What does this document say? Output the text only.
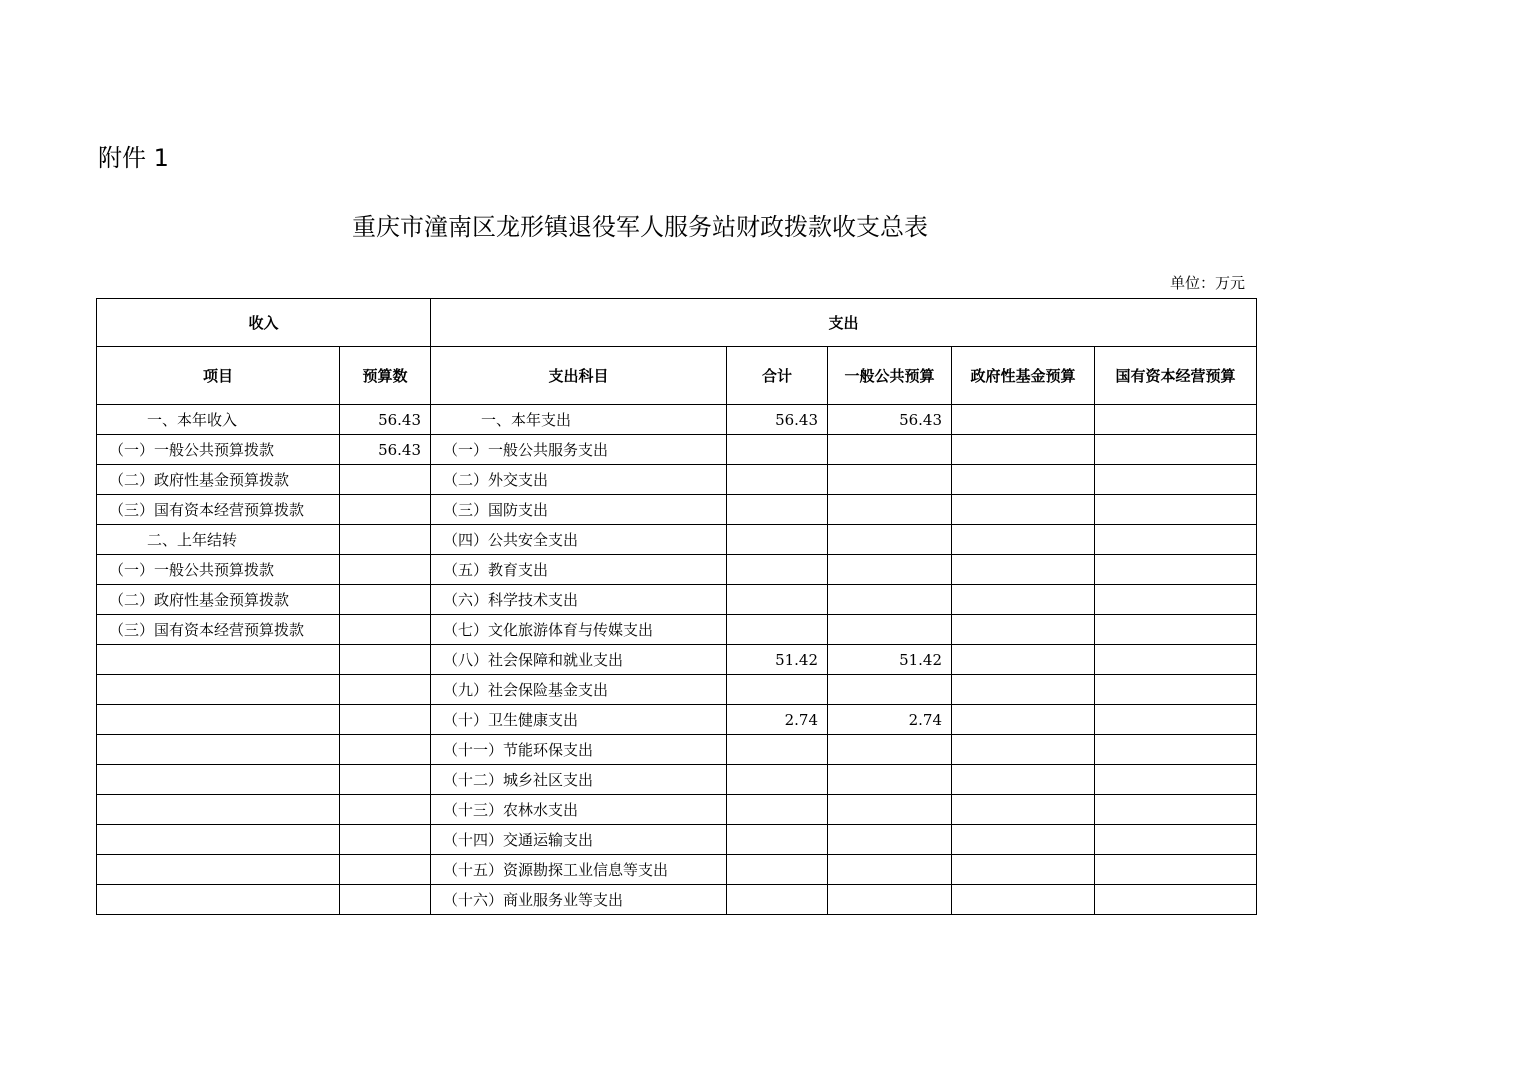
附件 1
重庆市潼南区龙形镇退役军人服务站财政拨款收支总表
单位：万元
收入		支出				
项目	预算数	支出科目	合计	一般公共预算	政府性基金预算	国有资本经营预算
一、本年收入	56.43	一、本年支出	56.43	56.43		
（一）一般公共预算拨款	56.43	（一）一般公共服务支出				
（二）政府性基金预算拨款		（二）外交支出				
（三）国有资本经营预算拨款		（三）国防支出				
二、上年结转		（四）公共安全支出				
（一）一般公共预算拨款		（五）教育支出				
（二）政府性基金预算拨款		（六）科学技术支出				
（三）国有资本经营预算拨款		（七）文化旅游体育与传媒支出				
		（八）社会保障和就业支出	51.42	51.42		
		（九）社会保险基金支出				
		（十）卫生健康支出	2.74	2.74		
		（十一）节能环保支出				
		（十二）城乡社区支出				
		（十三）农林水支出				
		（十四）交通运输支出				
		（十五）资源勘探工业信息等支出				
		（十六）商业服务业等支出				
